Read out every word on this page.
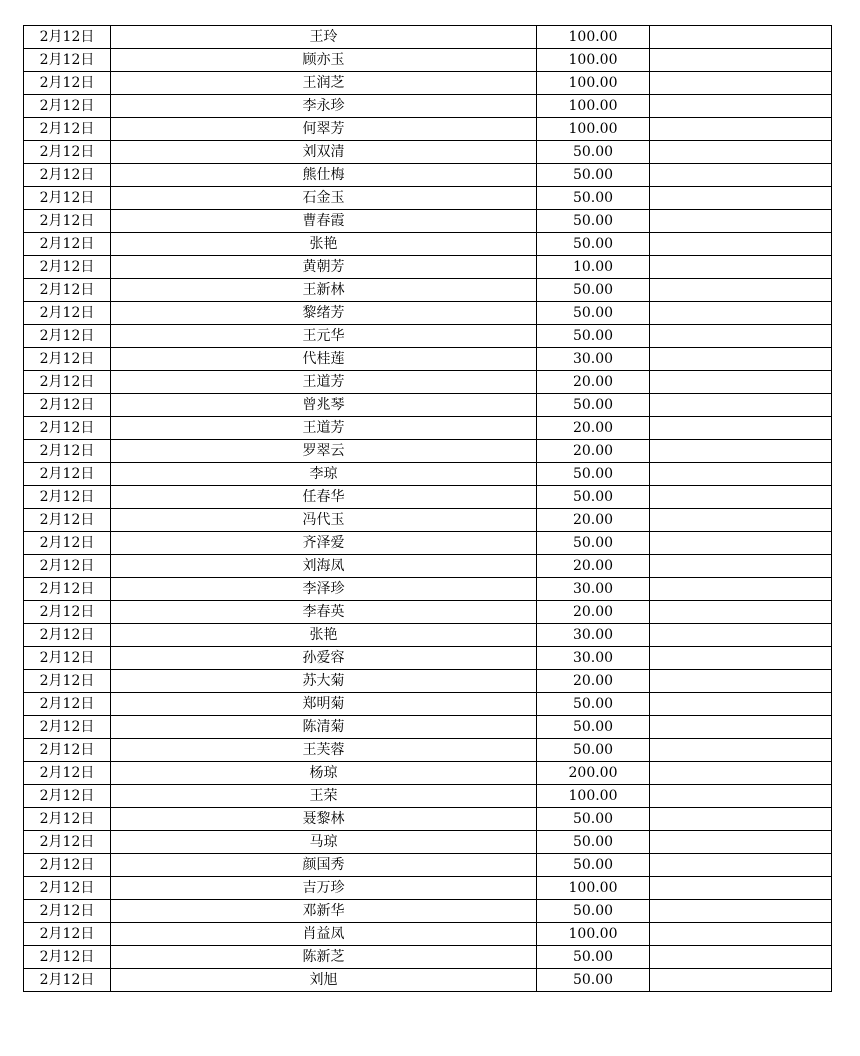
2月12日	王玲	100.00	
2月12日	顾亦玉	100.00	
2月12日	王润芝	100.00	
2月12日	李永珍	100.00	
2月12日	何翠芳	100.00	
2月12日	刘双清	50.00	
2月12日	熊仕梅	50.00	
2月12日	石金玉	50.00	
2月12日	曹春霞	50.00	
2月12日	张艳	50.00	
2月12日	黄朝芳	10.00	
2月12日	王新林	50.00	
2月12日	黎绪芳	50.00	
2月12日	王元华	50.00	
2月12日	代桂莲	30.00	
2月12日	王道芳	20.00	
2月12日	曾兆琴	50.00	
2月12日	王道芳	20.00	
2月12日	罗翠云	20.00	
2月12日	李琼	50.00	
2月12日	任春华	50.00	
2月12日	冯代玉	20.00	
2月12日	齐泽爱	50.00	
2月12日	刘海凤	20.00	
2月12日	李泽珍	30.00	
2月12日	李春英	20.00	
2月12日	张艳	30.00	
2月12日	孙爱容	30.00	
2月12日	苏大菊	20.00	
2月12日	郑明菊	50.00	
2月12日	陈清菊	50.00	
2月12日	王芙蓉	50.00	
2月12日	杨琼	200.00	
2月12日	王荣	100.00	
2月12日	聂黎林	50.00	
2月12日	马琼	50.00	
2月12日	颜国秀	50.00	
2月12日	吉万珍	100.00	
2月12日	邓新华	50.00	
2月12日	肖益凤	100.00	
2月12日	陈新芝	50.00	
2月12日	刘旭	50.00	
